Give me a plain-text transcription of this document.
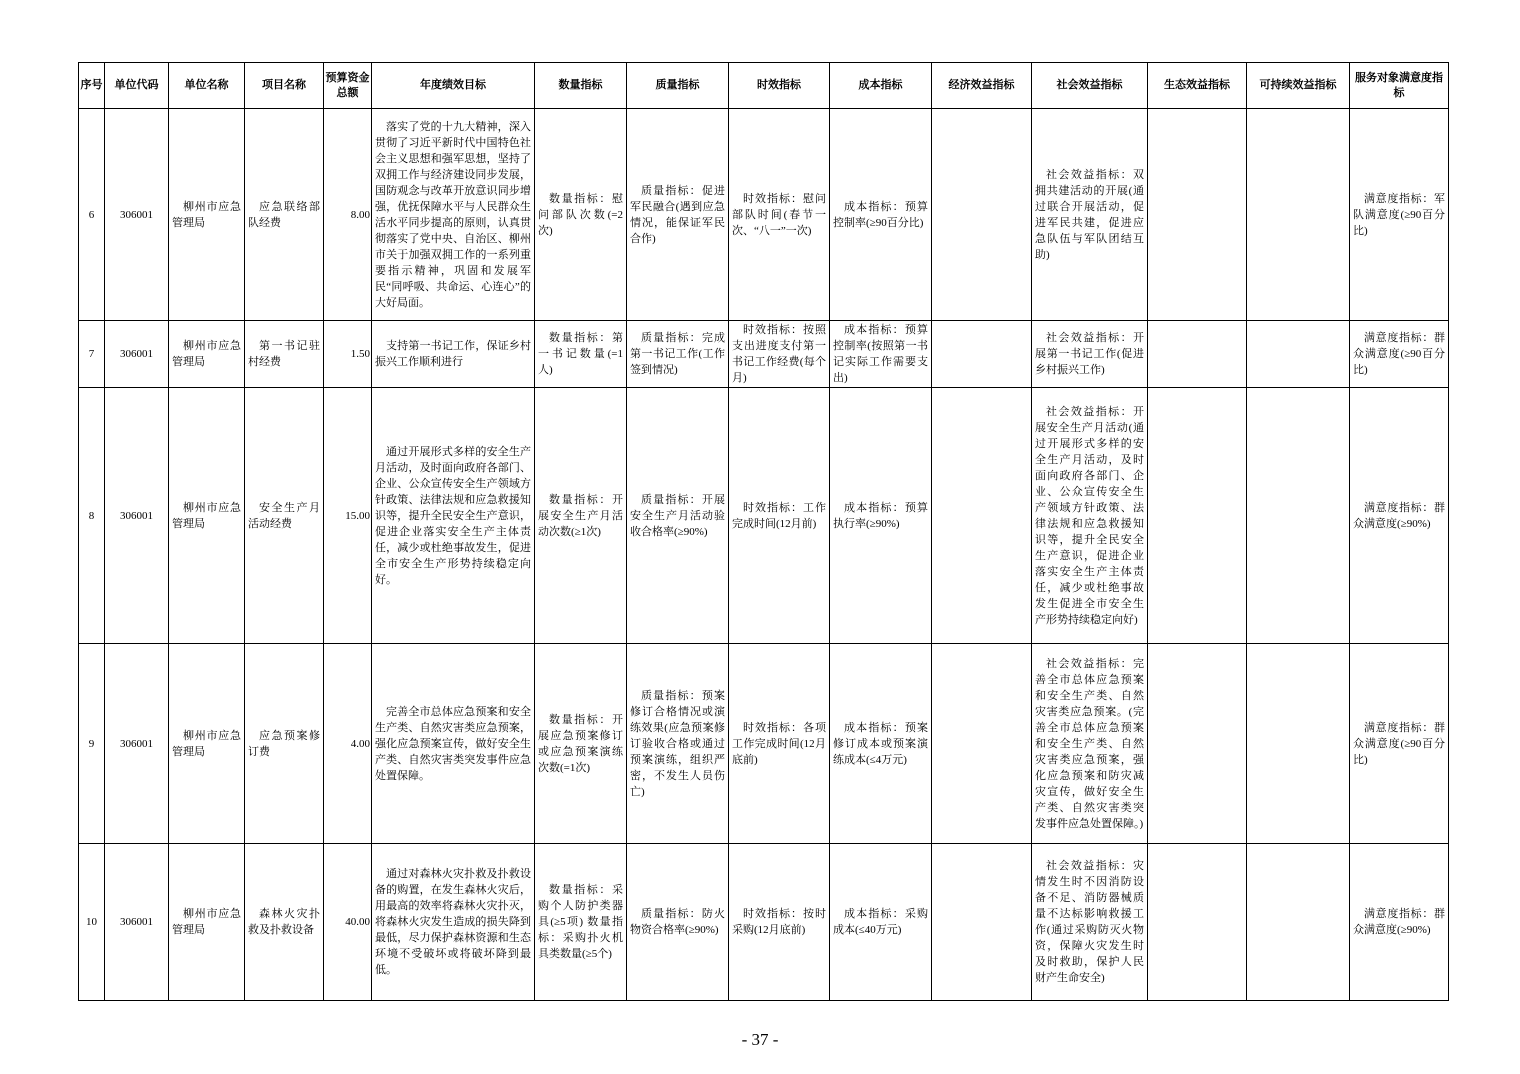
序号	单位代码	单位名称	项目名称	预算资金总额	年度绩效目标	数量指标	质量指标	时效指标	成本指标	经济效益指标	社会效益指标	生态效益指标	可持续效益指标	服务对象满意度指标
6	306001	柳州市应急管理局	应急联络部队经费	8.00	落实了党的十九大精神，深入贯彻了习近平新时代中国特色社会主义思想和强军思想，坚持了双拥工作与经济建设同步发展，国防观念与改革开放意识同步增强，优抚保障水平与人民群众生活水平同步提高的原则，认真贯彻落实了党中央、自治区、柳州市关于加强双拥工作的一系列重要指示精神，巩固和发展军民“同呼吸、共命运、心连心”的大好局面。	数量指标：慰问部队次数(=2次)	质量指标：促进军民融合(遇到应急情况，能保证军民合作)	时效指标：慰问部队时间(春节一次、“八一”一次)	成本指标：预算控制率(≥90百分比)		社会效益指标：双拥共建活动的开展(通过联合开展活动，促进军民共建，促进应急队伍与军队团结互助)			满意度指标：军队满意度(≥90百分比)
7	306001	柳州市应急管理局	第一书记驻村经费	1.50	支持第一书记工作，保证乡村振兴工作顺利进行	数量指标：第一书记数量(=1人)	质量指标：完成第一书记工作(工作签到情况)	时效指标：按照支出进度支付第一书记工作经费(每个月)	成本指标：预算控制率(按照第一书记实际工作需要支出)		社会效益指标：开展第一书记工作(促进乡村振兴工作)			满意度指标：群众满意度(≥90百分比)
8	306001	柳州市应急管理局	安全生产月活动经费	15.00	通过开展形式多样的安全生产月活动，及时面向政府各部门、企业、公众宣传安全生产领域方针政策、法律法规和应急救援知识等，提升全民安全生产意识，促进企业落实安全生产主体责任，减少或杜绝事故发生，促进全市安全生产形势持续稳定向好。	数量指标：开展安全生产月活动次数(≥1次)	质量指标：开展安全生产月活动验收合格率(≥90%)	时效指标：工作完成时间(12月前)	成本指标：预算执行率(≥90%)		社会效益指标：开展安全生产月活动(通过开展形式多样的安全生产月活动，及时面向政府各部门、企业、公众宣传安全生产领域方针政策、法律法规和应急救援知识等，提升全民安全生产意识，促进企业落实安全生产主体责任，减少或杜绝事故发生促进全市安全生产形势持续稳定向好)			满意度指标：群众满意度(≥90%)
9	306001	柳州市应急管理局	应急预案修订费	4.00	完善全市总体应急预案和安全生产类、自然灾害类应急预案，强化应急预案宣传，做好安全生产类、自然灾害类突发事件应急处置保障。	数量指标：开展应急预案修订或应急预案演练次数(=1次)	质量指标：预案修订合格情况或演练效果(应急预案修订验收合格或通过预案演练，组织严密，不发生人员伤亡)	时效指标：各项工作完成时间(12月底前)	成本指标：预案修订成本或预案演练成本(≤4万元)		社会效益指标：完善全市总体应急预案和安全生产类、自然灾害类应急预案。(完善全市总体应急预案和安全生产类、自然灾害类应急预案，强化应急预案和防灾减灾宣传，做好安全生产类、自然灾害类突发事件应急处置保障。)			满意度指标：群众满意度(≥90百分比)
10	306001	柳州市应急管理局	森林火灾扑救及扑救设备	40.00	通过对森林火灾扑救及扑救设备的购置，在发生森林火灾后，用最高的效率将森林火灾扑灭，将森林火灾发生造成的损失降到最低，尽力保护森林资源和生态环境不受破坏或将破坏降到最低。	数量指标：采购个人防护类器具(≥5项) 数量指标：采购扑火机具类数量(≥5个)	质量指标：防火物资合格率(≥90%)	时效指标：按时采购(12月底前)	成本指标：采购成本(≤40万元)		社会效益指标：灾情发生时不因消防设备不足、消防器械质量不达标影响救援工作(通过采购防灭火物资，保障火灾发生时及时救助，保护人民财产生命安全)			满意度指标：群众满意度(≥90%)
- 37 -
